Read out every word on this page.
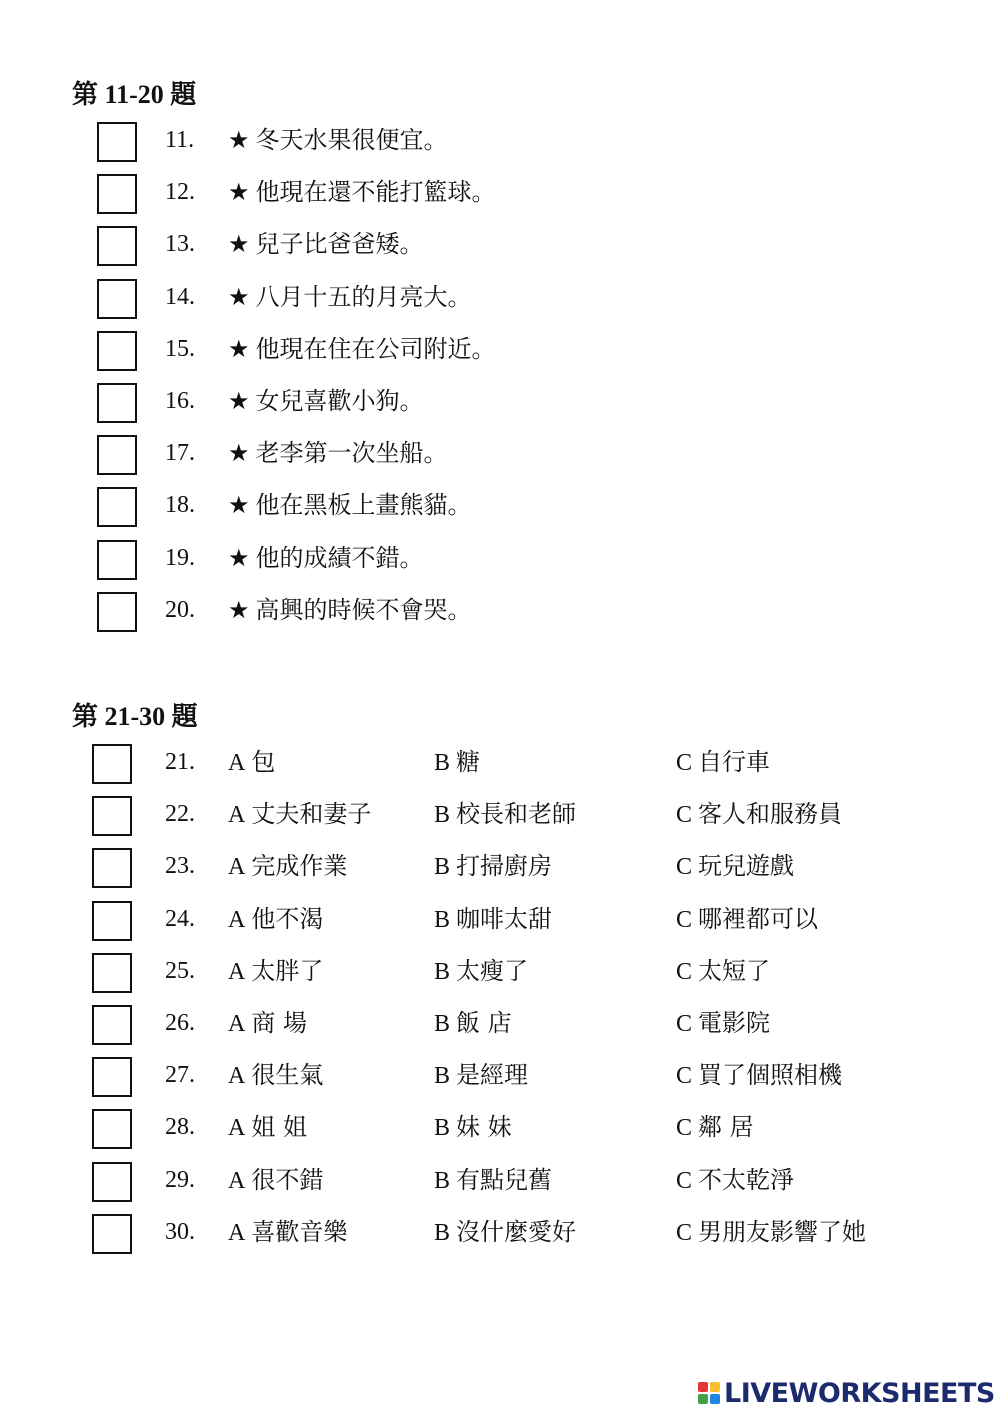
第 11-20 題
11. ★ 冬天水果很便宜。
12. ★ 他現在還不能打籃球。
13. ★ 兒子比爸爸矮。
14. ★ 八月十五的月亮大。
15. ★ 他現在住在公司附近。
16. ★ 女兒喜歡小狗。
17. ★ 老李第一次坐船。
18. ★ 他在黑板上畫熊貓。
19. ★ 他的成績不錯。
20. ★ 高興的時候不會哭。
第 21-30 題
21. A 包	B 糖	C 自行車
22. A 丈夫和妻子	B 校長和老師	C 客人和服務員
23. A 完成作業	B 打掃廚房	C 玩兒遊戲
24. A 他不渴	B 咖啡太甜	C 哪裡都可以
25. A 太胖了	B 太瘦了	C 太短了
26. A 商 場	B 飯 店	C 電影院
27. A 很生氣	B 是經理	C 買了個照相機
28. A 姐 姐	B 妹 妹	C 鄰 居
29. A 很不錯	B 有點兒舊	C 不太乾淨
30. A 喜歡音樂	B 沒什麼愛好	C 男朋友影響了她
LIVEWORKSHEETS
